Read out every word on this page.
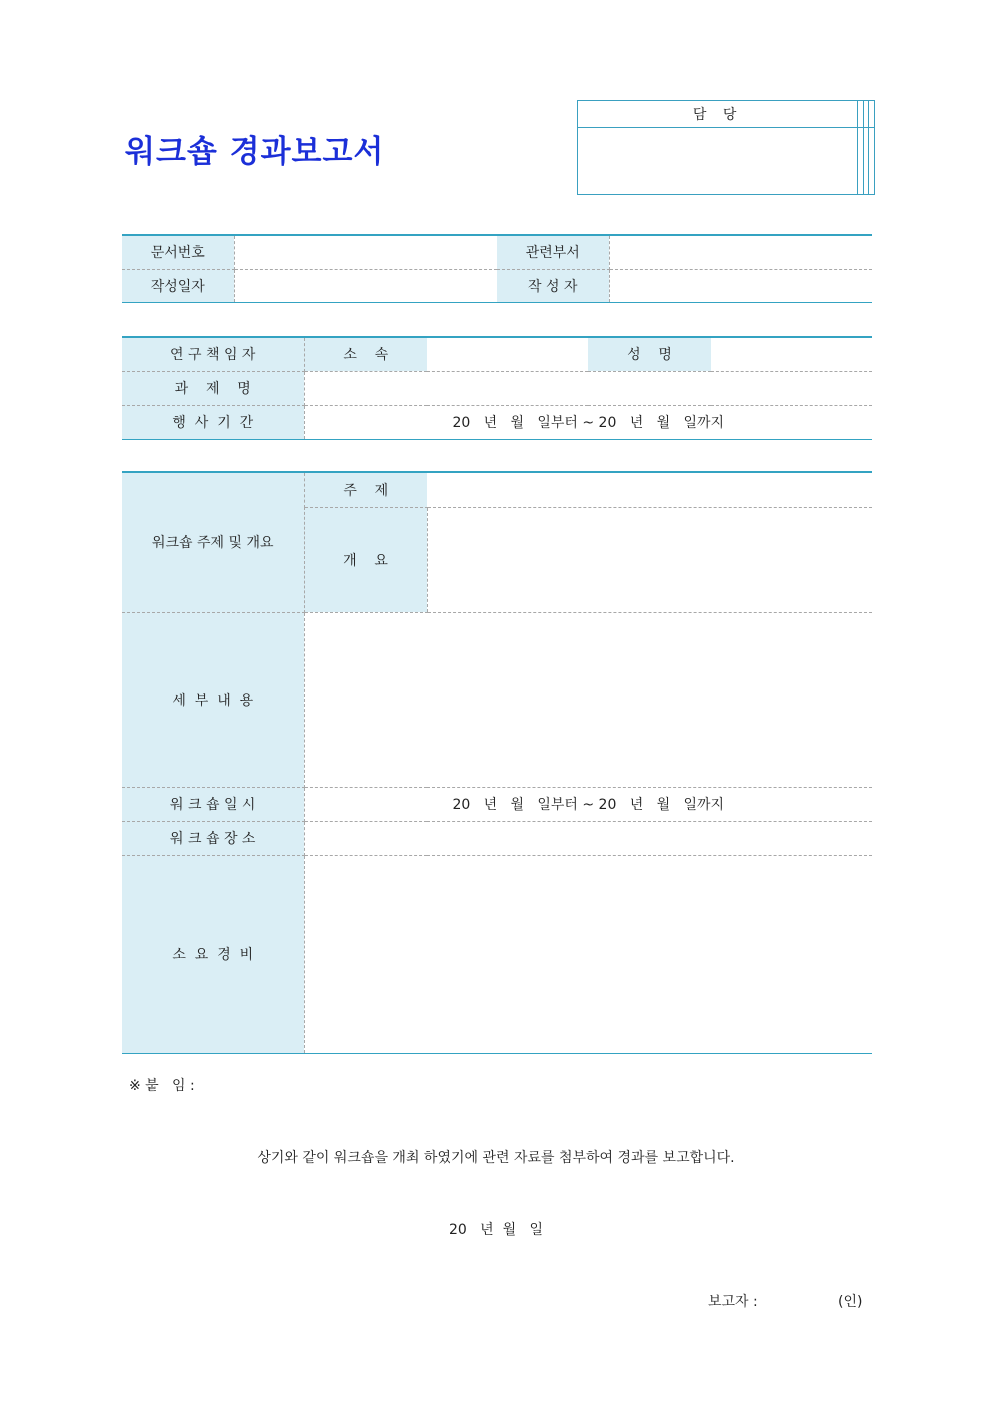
워크숍 경과보고서
담 당			

문서번호		관련부서	
작성일자		작 성 자	
연 구 책 임 자	소    속		성    명	
과    제    명				
행  사  기  간	20   년   월   일부터 ~ 20   년   월   일까지			
워크숍 주제 및 개요	주    제	
	개    요	
세  부  내  용		
워 크 숍 일 시	20   년   월   일부터 ~ 20   년   월   일까지	
워 크 숍 장 소		
소  요  경  비		
※ 붙   임 :
상기와 같이 워크숍을 개최 하였기에 관련 자료를 첨부하여 경과를 보고합니다.
20   년  월   일
보고자 :	(인)
